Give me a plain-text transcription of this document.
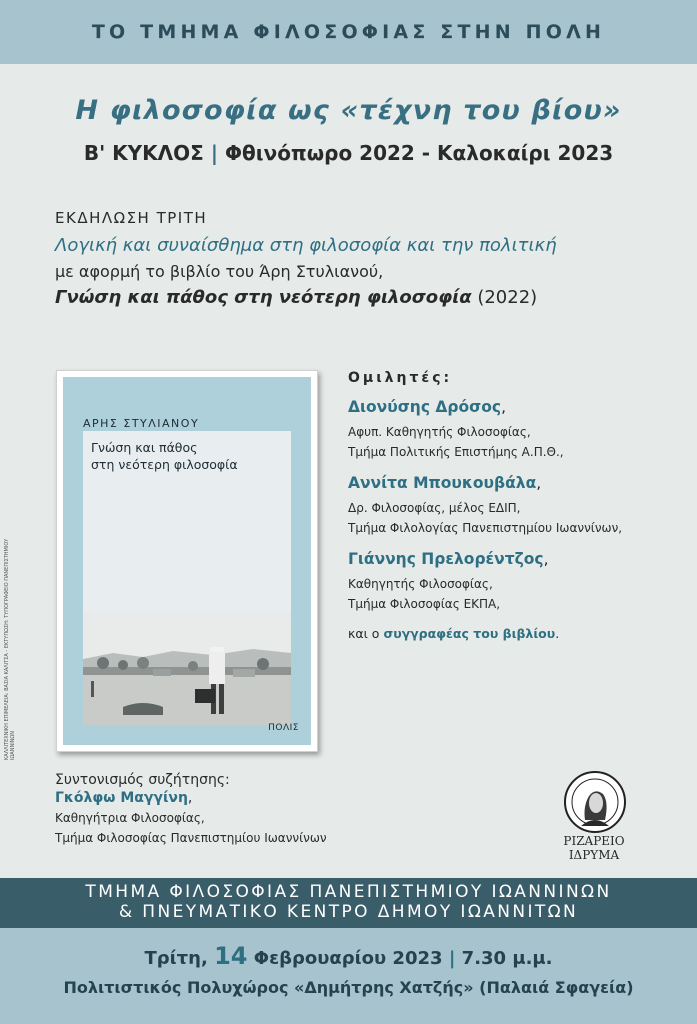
ΤΟ ΤΜΗΜΑ ΦΙΛΟΣΟΦΙΑΣ ΣΤΗΝ ΠΟΛΗ
Η φιλοσοφία ως «τέχνη του βίου»
Β' ΚΥΚΛΟΣ | Φθινόπωρο 2022 - Καλοκαίρι 2023
ΕΚΔΗΛΩΣΗ ΤΡΙΤΗ
Λογική και συναίσθημα στη φιλοσοφία και την πολιτική
με αφορμή το βιβλίο του Άρη Στυλιανού,
Γνώση και πάθος στη νεότερη φιλοσοφία (2022)
ΑΡΗΣ ΣΤΥΛΙΑΝΟΥ
Γνώση και πάθος
στη νεότερη φιλοσοφία
ΠΟΛΙΣ
Ομιλητές:
Διονύσης Δρόσος,
Αφυπ. Καθηγητής Φιλοσοφίας,
Τμήμα Πολιτικής Επιστήμης Α.Π.Θ.,
Αννίτα Μπουκουβάλα,
Δρ. Φιλοσοφίας, μέλος ΕΔΙΠ,
Τμήμα Φιλολογίας Πανεπιστημίου Ιωαννίνων,
Γιάννης Πρελορέντζος,
Καθηγητής Φιλοσοφίας,
Τμήμα Φιλοσοφίας ΕΚΠΑ,
και ο συγγραφέας του βιβλίου.
Συντονισμός συζήτησης:
Γκόλφω Μαγγίνη,
Καθηγήτρια Φιλοσοφίας,
Τμήμα Φιλοσοφίας Πανεπιστημίου Ιωαννίνων	ΡΙΖΑΡΕΙΟ ΙΔΡΥΜΑ
ΚΑΛΛΙΤΕΧΝΙΚΗ ΕΠΙΜΕΛΕΙΑ: ΒΑΣΙΑ ΚΑΛΙΤΣΑ - ΕΚΤΥΠΩΣΗ: ΤΥΠΟΓΡΑΦΕΙΟ ΠΑΝΕΠΙΣΤΗΜΙΟΥ ΙΩΑΝΝΙΝΩΝ
ΤΜΗΜΑ ΦΙΛΟΣΟΦΙΑΣ ΠΑΝΕΠΙΣΤΗΜΙΟΥ ΙΩΑΝΝΙΝΩΝ
& ΠΝΕΥΜΑΤΙΚΟ ΚΕΝΤΡΟ ΔΗΜΟΥ ΙΩΑΝΝΙΤΩΝ
Τρίτη, 14 Φεβρουαρίου 2023 | 7.30 μ.μ.
Πολιτιστικός Πολυχώρος «Δημήτρης Χατζής» (Παλαιά Σφαγεία)
